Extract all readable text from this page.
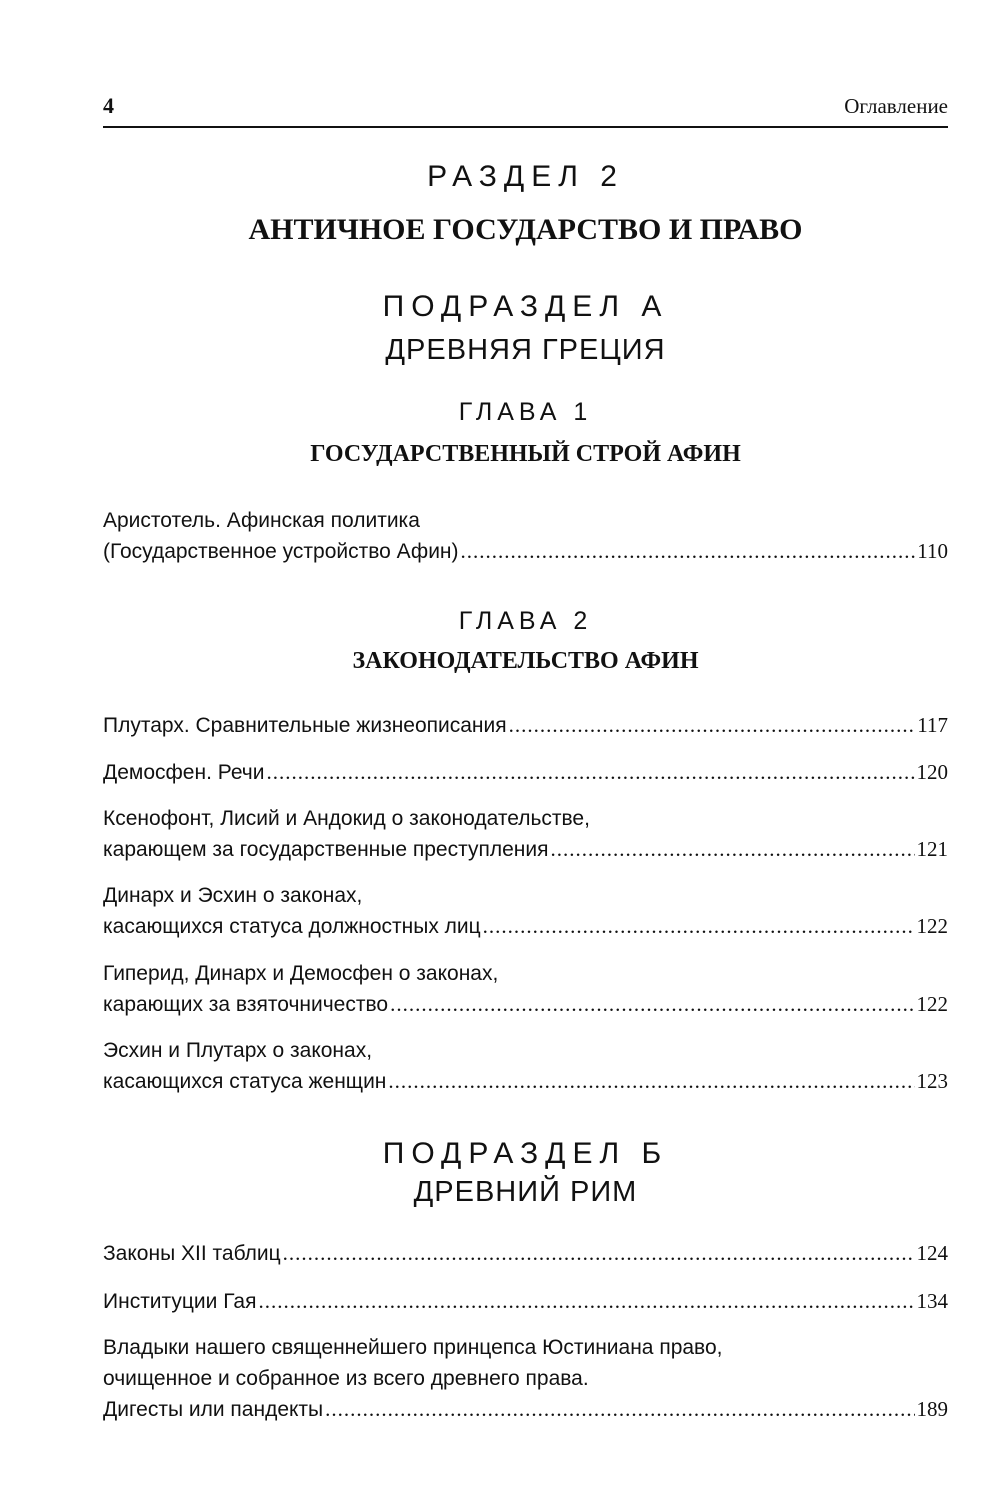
4	Оглавление
РАЗДЕЛ 2
АНТИЧНОЕ ГОСУДАРСТВО И ПРАВО
ПОДРАЗДЕЛ А
ДРЕВНЯЯ ГРЕЦИЯ
ГЛАВА 1
ГОСУДАРСТВЕННЫЙ СТРОЙ АФИН
Аристотель. Афинская политика
(Государственное устройство Афин) .....	110
ГЛАВА 2
ЗАКОНОДАТЕЛЬСТВО АФИН
Плутарх. Сравнительные жизнеописания .....	117
Демосфен. Речи .....	120
Ксенофонт, Лисий и Андокид о законодательстве,
карающем за государственные преступления .....	121
Динарх и Эсхин о законах,
касающихся статуса должностных лиц .....	122
Гиперид, Динарх и Демосфен о законах,
карающих за взяточничество .....	122
Эсхин и Плутарх о законах,
касающихся статуса женщин .....	123
ПОДРАЗДЕЛ Б
ДРЕВНИЙ РИМ
Законы XII таблиц .....	124
Институции Гая .....	134
Владыки нашего священнейшего принцепса Юстиниана право,
очищенное и собранное из всего древнего права.
Дигесты или пандекты .....	189
